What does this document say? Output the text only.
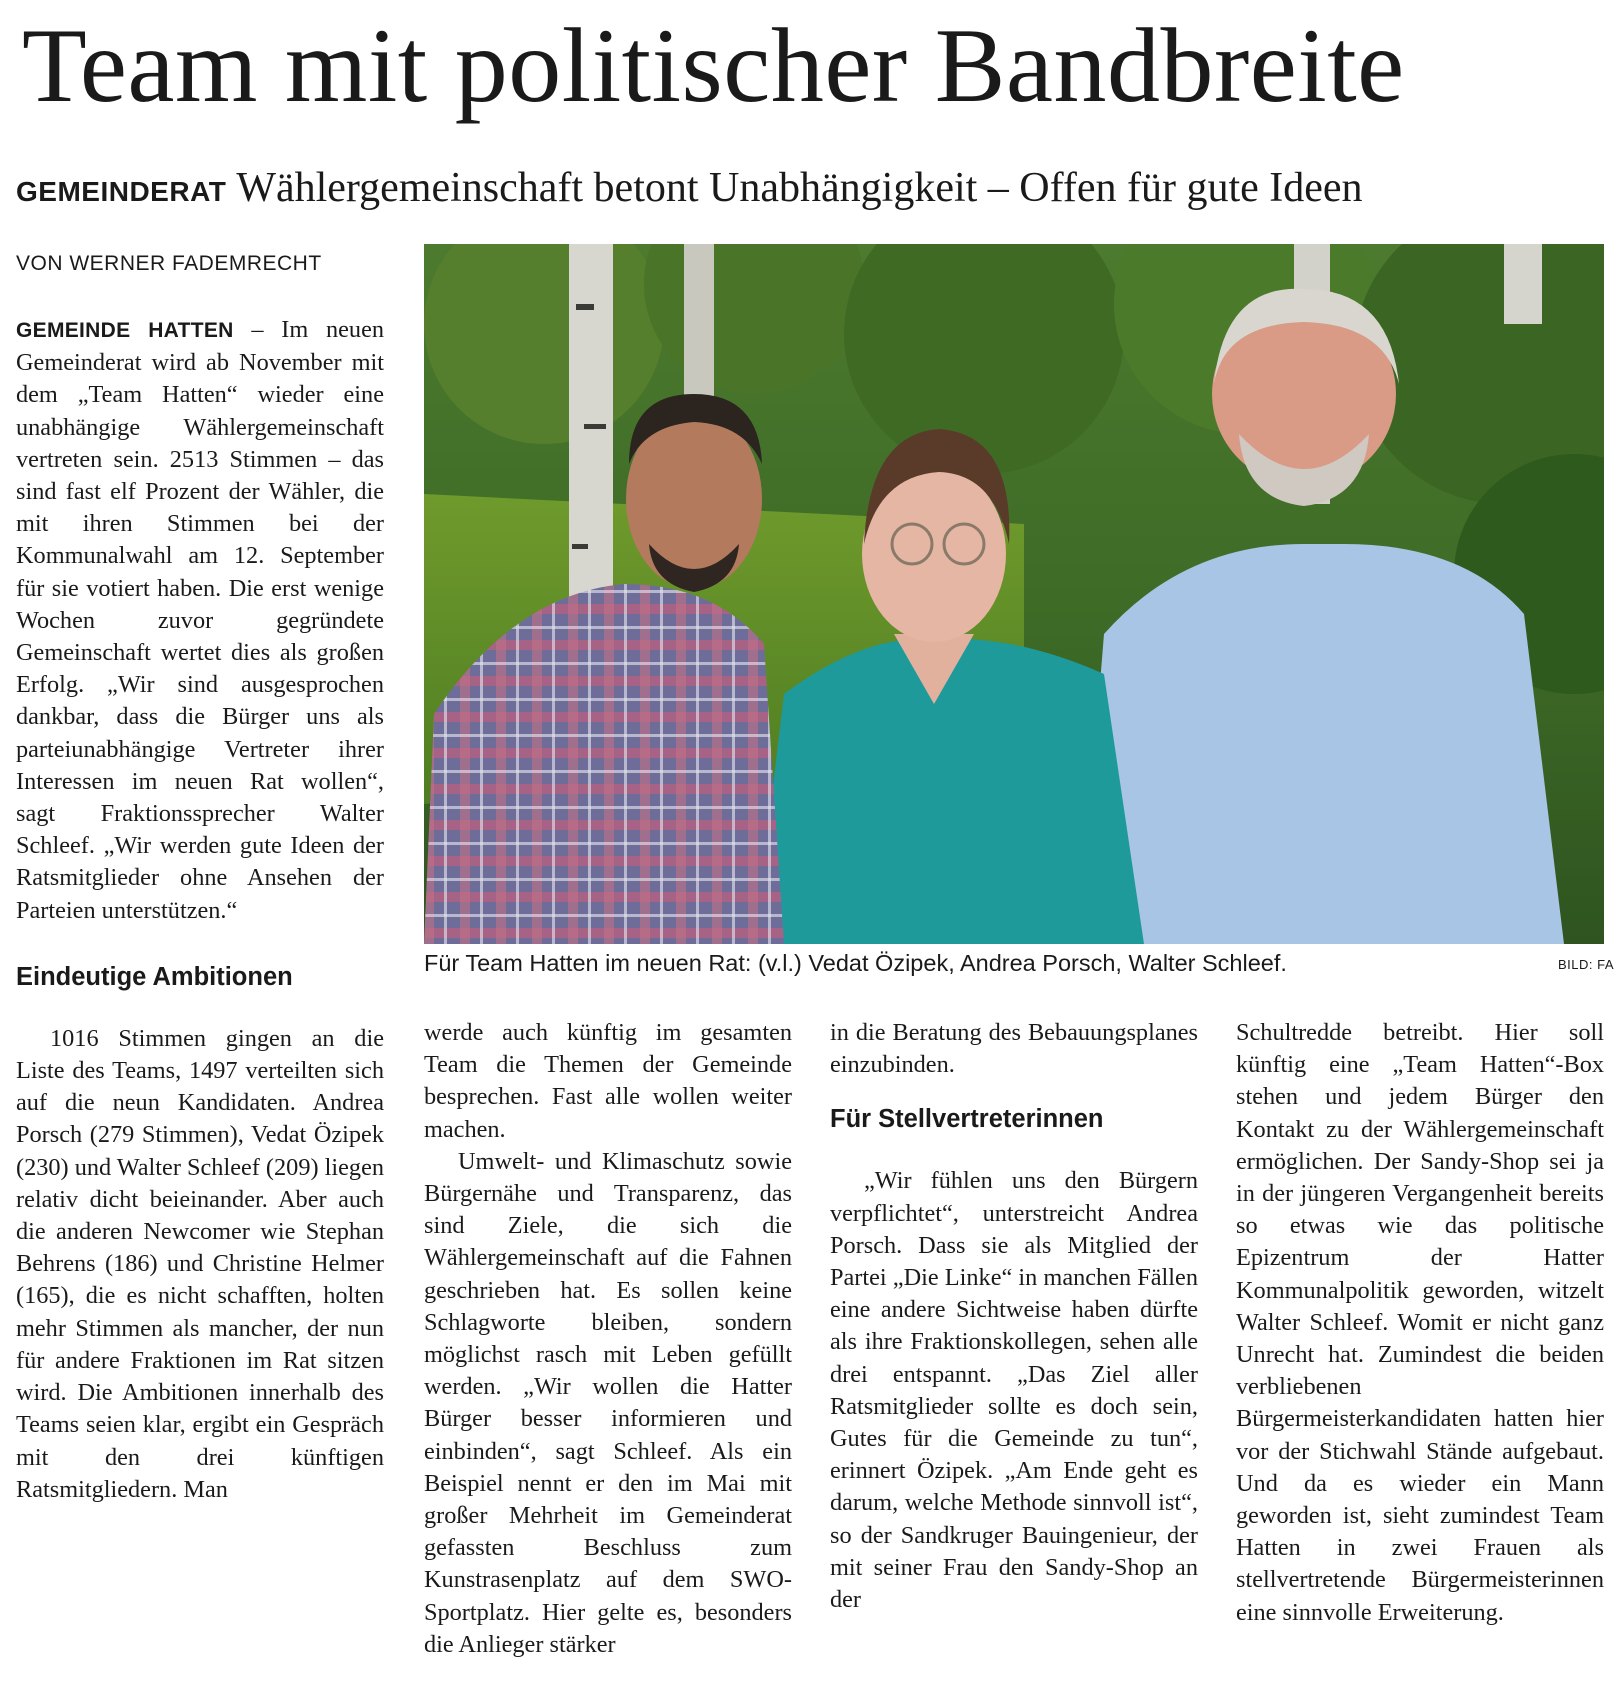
Team mit politischer Bandbreite
GEMEINDERAT Wählergemeinschaft betont Unabhängigkeit – Offen für gute Ideen
VON WERNER FADEMRECHT

GEMEINDE HATTEN – Im neuen Gemeinderat wird ab November mit dem „Team Hatten“ wieder eine unabhängige Wählergemeinschaft vertreten sein. 2513 Stimmen – das sind fast elf Prozent der Wähler, die mit ihren Stimmen bei der Kommunalwahl am 12. September für sie votiert haben. Die erst wenige Wochen zuvor gegründete Gemeinschaft wertet dies als großen Erfolg. „Wir sind ausgesprochen dankbar, dass die Bürger uns als parteiunabhängige Vertreter ihrer Interessen im neuen Rat wollen“, sagt Fraktionssprecher Walter Schleef. „Wir werden gute Ideen der Ratsmitglieder ohne Ansehen der Parteien unterstützen.“

Eindeutige Ambitionen

1016 Stimmen gingen an die Liste des Teams, 1497 verteilten sich auf die neun Kandidaten. Andrea Porsch (279 Stimmen), Vedat Özipek (230) und Walter Schleef (209) liegen relativ dicht beieinander. Aber auch die anderen Newcomer wie Stephan Behrens (186) und Christine Helmer (165), die es nicht schafften, holten mehr Stimmen als mancher, der nun für andere Fraktionen im Rat sitzen wird. Die Ambitionen innerhalb des Teams seien klar, ergibt ein Gespräch mit den drei künftigen Ratsmitgliedern. Man

Für Team Hatten im neuen Rat: (v.l.) Vedat Özipek, Andrea Porsch, Walter Schleef.	BILD: FA

werde auch künftig im gesamten Team die Themen der Gemeinde besprechen. Fast alle wollen weiter machen.

Umwelt- und Klimaschutz sowie Bürgernähe und Transparenz, das sind Ziele, die sich die Wählergemeinschaft auf die Fahnen geschrieben hat. Es sollen keine Schlagworte bleiben, sondern möglichst rasch mit Leben gefüllt werden. „Wir wollen die Hatter Bürger besser informieren und einbinden“, sagt Schleef. Als ein Beispiel nennt er den im Mai mit großer Mehrheit im Gemeinderat gefassten Beschluss zum Kunstrasenplatz auf dem SWO-Sportplatz. Hier gelte es, besonders die Anlieger stärker

in die Beratung des Bebauungsplanes einzubinden.

Für Stellvertreterinnen

„Wir fühlen uns den Bürgern verpflichtet“, unterstreicht Andrea Porsch. Dass sie als Mitglied der Partei „Die Linke“ in manchen Fällen eine andere Sichtweise haben dürfte als ihre Fraktionskollegen, sehen alle drei entspannt. „Das Ziel aller Ratsmitglieder sollte es doch sein, Gutes für die Gemeinde zu tun“, erinnert Özipek. „Am Ende geht es darum, welche Methode sinnvoll ist“, so der Sandkruger Bauingenieur, der mit seiner Frau den Sandy-Shop an der

Schultredde betreibt. Hier soll künftig eine „Team Hatten“-Box stehen und jedem Bürger den Kontakt zu der Wählergemeinschaft ermöglichen. Der Sandy-Shop sei ja in der jüngeren Vergangenheit bereits so etwas wie das politische Epizentrum der Hatter Kommunalpolitik geworden, witzelt Walter Schleef. Womit er nicht ganz Unrecht hat. Zumindest die beiden verbliebenen Bürgermeisterkandidaten hatten hier vor der Stichwahl Stände aufgebaut. Und da es wieder ein Mann geworden ist, sieht zumindest Team Hatten in zwei Frauen als stellvertretende Bürgermeisterinnen eine sinnvolle Erweiterung.
